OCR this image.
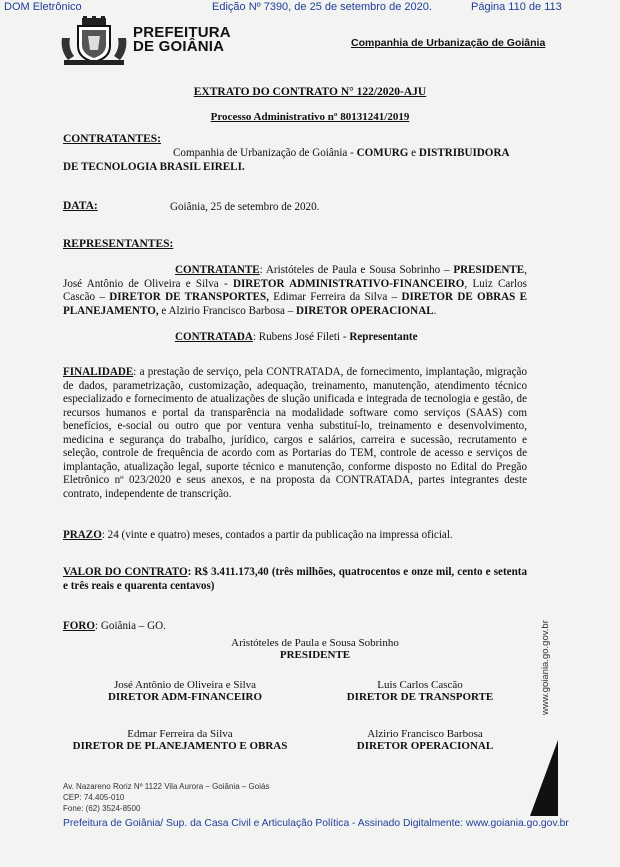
DOM Eletrônico	Edição Nº 7390, de 25 de setembro de 2020.	Página 110 de 113
PREFEITURA
DE GOIÂNIA	Companhia de Urbanização de Goiânia
EXTRATO DO CONTRATO N° 122/2020-AJU
Processo Administrativo nº 80131241/2019
CONTRATANTES:
Companhia de Urbanização de Goiânia - COMURG e DISTRIBUIDORA DE TECNOLOGIA BRASIL EIRELI.
DATA:	Goiânia, 25 de setembro de 2020.
REPRESENTANTES:
CONTRATANTE: Aristóteles de Paula e Sousa Sobrinho – PRESIDENTE, José Antônio de Oliveira e Silva - DIRETOR ADMINISTRATIVO-FINANCEIRO, Luiz Carlos Cascão – DIRETOR DE TRANSPORTES, Edimar Ferreira da Silva – DIRETOR DE OBRAS E PLANEJAMENTO, e Alzirio Francisco Barbosa – DIRETOR OPERACIONAL.
CONTRATADA: Rubens José Fileti - Representante
FINALIDADE: a prestação de serviço, pela CONTRATADA, de fornecimento, implantação, migração de dados, parametrização, customização, adequação, treinamento, manutenção, atendimento técnico especializado e fornecimento de atualizações de slução unificada e integrada de tecnologia e gestão, de recursos humanos e portal da transparência na modalidade software como serviços (SAAS) com benefícios, e-social ou outro que por ventura venha substituí-lo, treinamento e desenvolvimento, medicina e segurança do trabalho, jurídico, cargos e salários, carreira e sucessão, recrutamento e seleção, controle de frequência de acordo com as Portarias do TEM, controle de acesso e serviços de implantação, atualização legal, suporte técnico e manutenção, conforme disposto no Edital do Pregão Eletrônico nº 023/2020 e seus anexos, e na proposta da CONTRATADA, partes integrantes deste contrato, independente de transcrição.
PRAZO: 24 (vinte e quatro) meses, contados a partir da publicação na impressa oficial.
VALOR DO CONTRATO: R$ 3.411.173,40 (três milhões, quatrocentos e onze mil, cento e setenta e três reais e quarenta centavos)
FORO: Goiânia – GO.
Aristóteles de Paula e Sousa Sobrinho
PRESIDENTE
José Antônio de Oliveira e Silva
DIRETOR ADM-FINANCEIRO
Luis Carlos Cascão
DIRETOR DE TRANSPORTE
Edmar Ferreira da Silva
DIRETOR DE PLANEJAMENTO E OBRAS
Alzirio Francisco Barbosa
DIRETOR OPERACIONAL
www.goiania.go.gov.br
Av. Nazareno Roriz Nº 1122 Vila Aurora – Goiânia – Goiás
CEP: 74.405-010
Fone: (62) 3524-8500
Prefeitura de Goiânia/ Sup. da Casa Civil e Articulação Política - Assinado Digitalmente: www.goiania.go.gov.br
